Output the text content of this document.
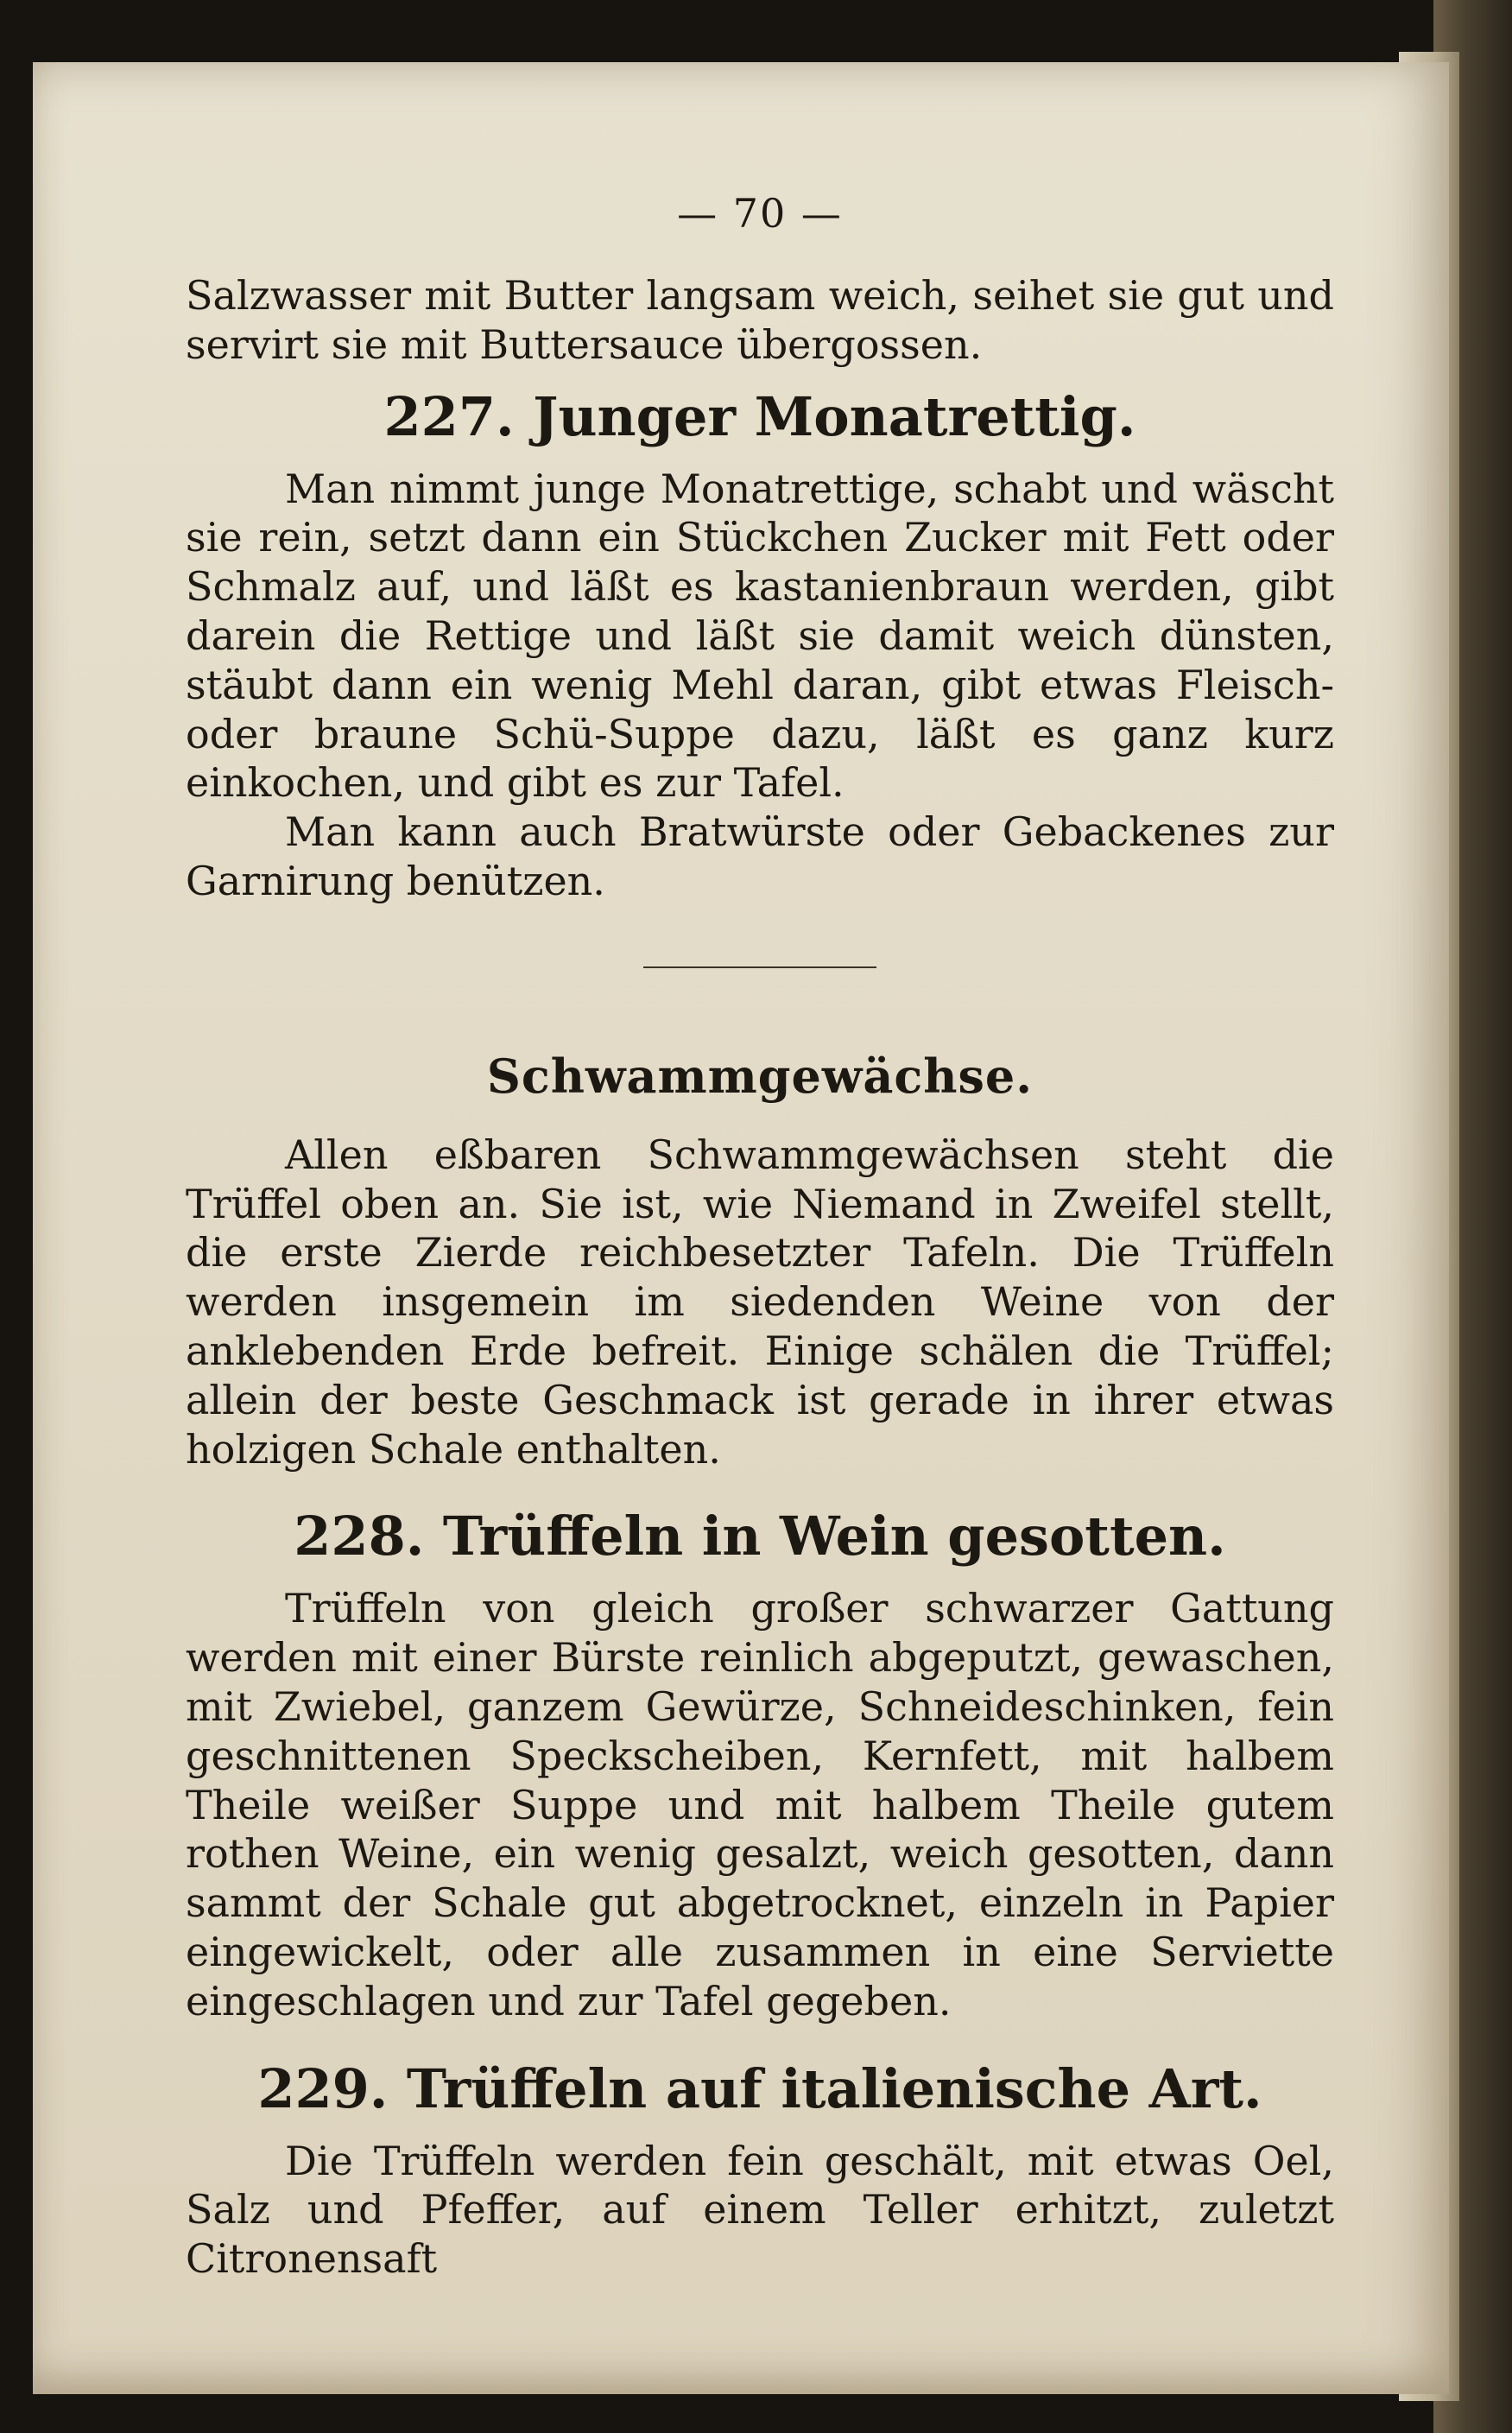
— 70 —

Salzwasser mit Butter langsam weich, seihet sie gut und servirt sie mit Buttersauce übergossen.

227. Junger Monatrettig.

Man nimmt junge Monatrettige, schabt und wäscht sie rein, setzt dann ein Stückchen Zucker mit Fett oder Schmalz auf, und läßt es kastanienbraun werden, gibt darein die Rettige und läßt sie damit weich dünsten, stäubt dann ein wenig Mehl daran, gibt etwas Fleisch- oder braune Schü-Suppe dazu, läßt es ganz kurz einkochen, und gibt es zur Tafel.

Man kann auch Bratwürste oder Gebackenes zur Garnirung benützen.

Schwammgewächse.

Allen eßbaren Schwammgewächsen steht die Trüffel oben an. Sie ist, wie Niemand in Zweifel stellt, die erste Zierde reichbesetzter Tafeln. Die Trüffeln werden insgemein im siedenden Weine von der anklebenden Erde befreit. Einige schälen die Trüffel; allein der beste Geschmack ist gerade in ihrer etwas holzigen Schale enthalten.

228. Trüffeln in Wein gesotten.

Trüffeln von gleich großer schwarzer Gattung werden mit einer Bürste reinlich abgeputzt, gewaschen, mit Zwiebel, ganzem Gewürze, Schneideschinken, fein geschnittenen Speckscheiben, Kernfett, mit halbem Theile weißer Suppe und mit halbem Theile gutem rothen Weine, ein wenig gesalzt, weich gesotten, dann sammt der Schale gut abgetrocknet, einzeln in Papier eingewickelt, oder alle zusammen in eine Serviette eingeschlagen und zur Tafel gegeben.

229. Trüffeln auf italienische Art.

Die Trüffeln werden fein geschält, mit etwas Oel, Salz und Pfeffer, auf einem Teller erhitzt, zuletzt Citronensaft
